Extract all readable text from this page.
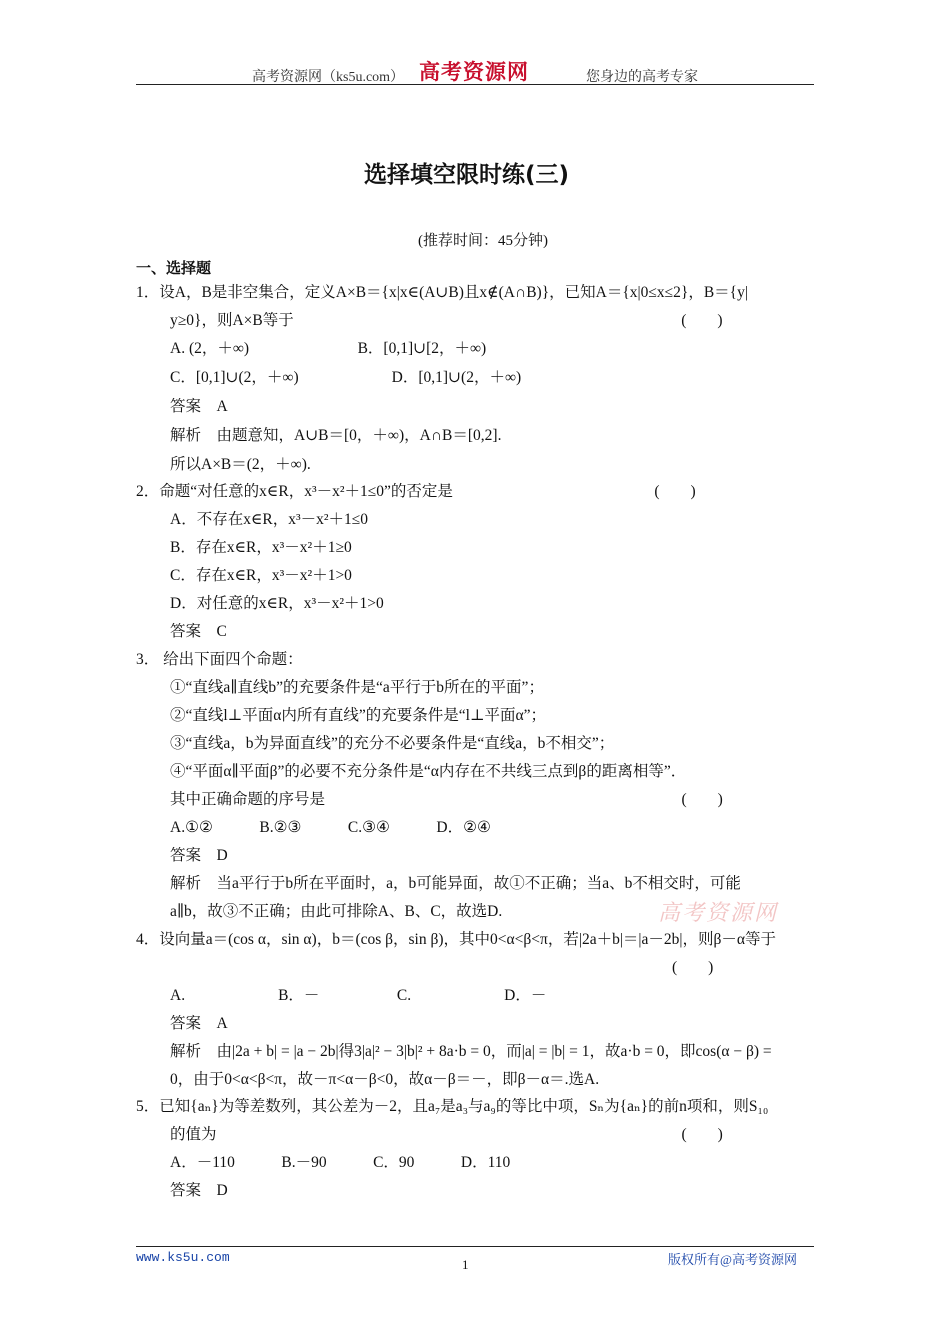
高考资源网（ks5u.com） 高考资源网	您身边的高考专家
选择填空限时练(三)
(推荐时间：45分钟)
一、选择题
1．设A，B是非空集合，定义A×B＝{x|x∈(A∪B)且x∉(A∩B)}，已知A＝{x|0≤x≤2}，B＝{y|
y≥0}，则A×B等于　　　　　　　　　　　　　　　　　　　　　　　　　(　　)
A. (2，＋∞)　　　　　　　B．[0,1]∪[2，＋∞)
C．[0,1]∪(2，＋∞)　　　　　　D．[0,1]∪(2，＋∞)
答案　A
解析　由题意知，A∪B＝[0，＋∞)，A∩B＝[0,2].
所以A×B＝(2，＋∞).
2．命题“对任意的x∈R，x³－x²＋1≤0”的否定是　　　　　　　　　　　　　(　　)
A．不存在x∈R，x³－x²＋1≤0
B．存在x∈R，x³－x²＋1≥0
C．存在x∈R，x³－x²＋1>0
D．对任意的x∈R，x³－x²＋1>0
答案　C
3． 给出下面四个命题：
①“直线a∥直线b”的充要条件是“a平行于b所在的平面”；
②“直线l⊥平面α内所有直线”的充要条件是“l⊥平面α”；
③“直线a，b为异面直线”的充分不必要条件是“直线a，b不相交”；
④“平面α∥平面β”的必要不充分条件是“α内存在不共线三点到β的距离相等”．
其中正确命题的序号是　　　　　　　　　　　　　　　　　　　　　　　(　　)
A.①②　　　B.②③　　　C.③④　　　D．②④
答案　D
解析　当a平行于b所在平面时，a，b可能异面，故①不正确；当a、b不相交时，可能
a∥b，故③不正确；由此可排除A、B、C，故选D.
4．设向量a＝(cos α，sin α)，b＝(cos β，sin β)，其中0<α<β<π，若|2a＋b|＝|a－2b|，则β－α等于
(　　)
A.　　　　　　B．－　　　　　C.　　　　　　D．－
答案　A
解析　由|2a + b| = |a − 2b|得3|a|² − 3|b|² + 8a·b = 0，而|a| = |b| = 1，故a·b = 0，即cos(α − β) =
0，由于0<α<β<π，故－π<α－β<0，故α－β＝－，即β－α＝.选A.
5．已知{aₙ}为等差数列，其公差为－2，且a₇是a₃与a₉的等比中项，Sₙ为{aₙ}的前n项和，则S₁₀
的值为　　　　　　　　　　　　　　　　　　　　　　　　　　　　　　(　　)
A．－110　　　B.－90　　　C．90　　　D．110
答案　D
高考资源网
www.ks5u.com	1	版权所有@高考资源网
